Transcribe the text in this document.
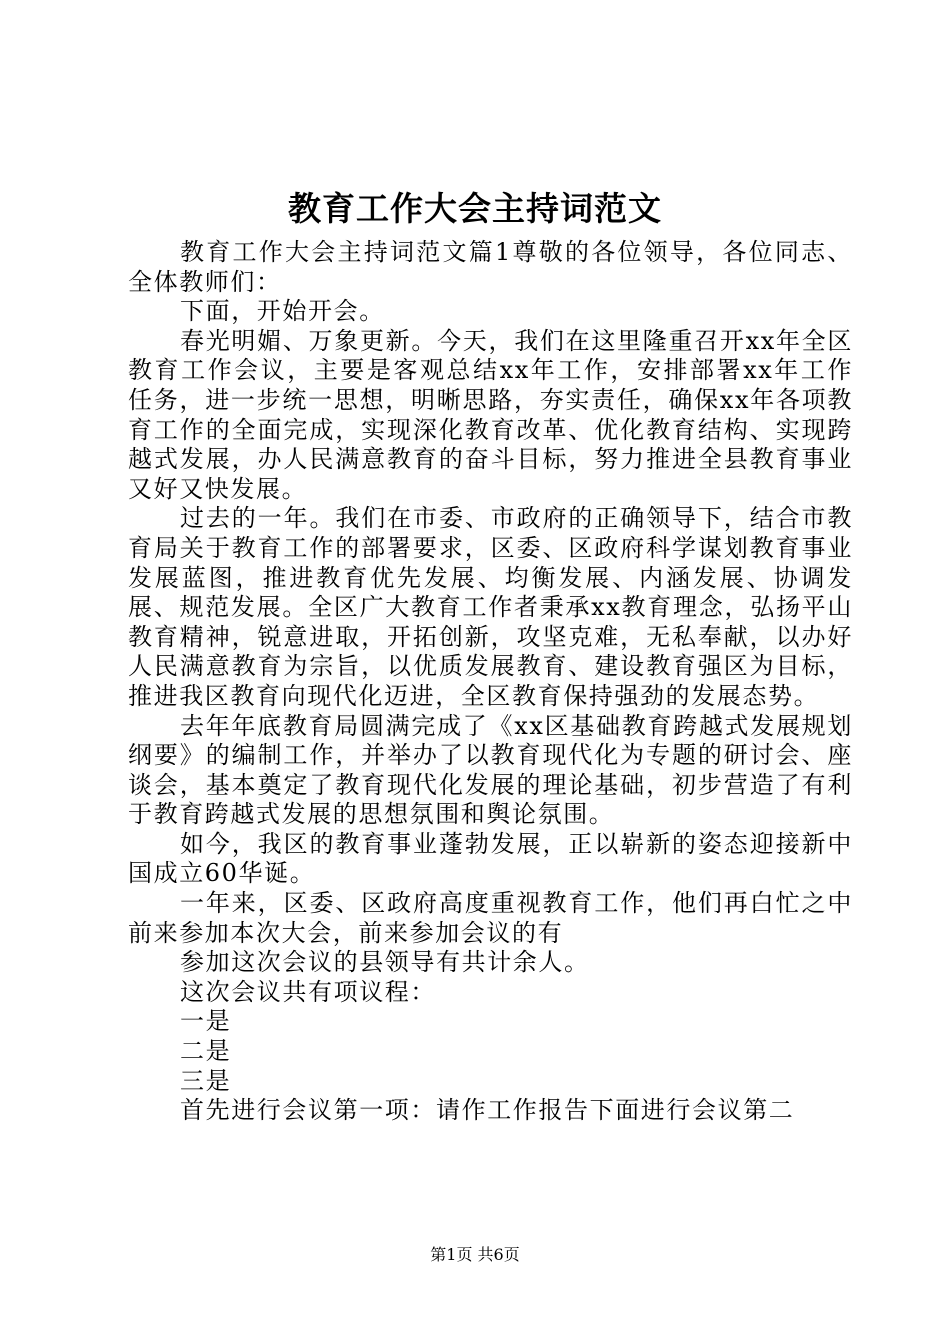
教育工作大会主持词范文

教育工作大会主持词范文篇1尊敬的各位领导，各位同志、全体教师们：

下面，开始开会。

春光明媚、万象更新。今天，我们在这里隆重召开xx年全区教育工作会议，主要是客观总结xx年工作，安排部署xx年工作任务，进一步统一思想，明晰思路，夯实责任，确保xx年各项教育工作的全面完成，实现深化教育改革、优化教育结构、实现跨越式发展，办人民满意教育的奋斗目标，努力推进全县教育事业又好又快发展。

过去的一年。我们在市委、市政府的正确领导下，结合市教育局关于教育工作的部署要求，区委、区政府科学谋划教育事业发展蓝图，推进教育优先发展、均衡发展、内涵发展、协调发展、规范发展。全区广大教育工作者秉承xx教育理念，弘扬平山教育精神，锐意进取，开拓创新，攻坚克难，无私奉献，以办好人民满意教育为宗旨，以优质发展教育、建设教育强区为目标，推进我区教育向现代化迈进，全区教育保持强劲的发展态势。

去年年底教育局圆满完成了《xx区基础教育跨越式发展规划纲要》的编制工作，并举办了以教育现代化为专题的研讨会、座谈会，基本奠定了教育现代化发展的理论基础，初步营造了有利于教育跨越式发展的思想氛围和舆论氛围。

如今，我区的教育事业蓬勃发展，正以崭新的姿态迎接新中国成立60华诞。

一年来，区委、区政府高度重视教育工作，他们再白忙之中前来参加本次大会，前来参加会议的有

参加这次会议的县领导有共计余人。

这次会议共有项议程：

一是

二是

三是

首先进行会议第一项：请作工作报告下面进行会议第二

第1页 共6页
